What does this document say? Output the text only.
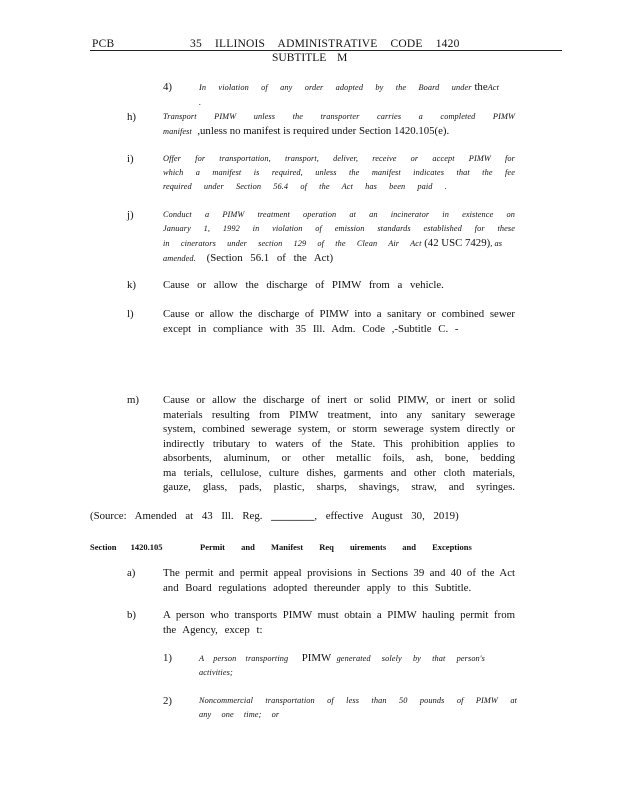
PCB	35 ILLINOIS ADMINISTRATIVE CODE 1420
SUBTITLE M
4)	In violation of any order adopted by the Board under theAct .
h)	Transport PIMW unless the transporter carries a completed PIMW
manifest ,unless no manifest is required under Section 1420.105(e).
i)	Offer for transportation, transport, deliver, receive or accept PIMW for
which a manifest is required, unless the manifest indicates that the fee
required under Section 56.4 of the Act has been paid .
j)	Conduct a PIMW treatment operation at an incinerator in existence on
January 1, 1992 in violation of emission standards established for these
in cinerators under section 129 of the Clean Air Act (42 USC 7429), as
amended. (Section 56.1 of the Act)
k)	Cause or allow the discharge of PIMW from a vehicle.
l)	Cause or allow the discharge of PIMW into a sanitary or combined sewer
except in compliance with 35 Ill. Adm. Code ,-Subtitle C. -
m) Cause or allow the discharge of inert or solid PIMW, or inert or solid
materials resulting from PIMW treatment, into any sanitary sewerage
system, combined sewerage system, or storm sewerage system directly or
indirectly tributary to waters of the State. This prohibition applies to
absorbents, aluminum, or other metallic foils, ash, bone, bedding
ma terials, cellulose, culture dishes, garments and other cloth materials,
gauze, glass, pads, plastic, sharps, shavings, straw, and syringes.
(Source: Amended at 43 Ill. Reg. ________, effective August 30, 2019)
Section 1420.105	Permit and Manifest Req uirements and Exceptions
a)	The permit and permit appeal provisions in Sections 39 and 40 of the Act
and Board regulations adopted thereunder apply to this Subtitle.
b)	A person who transports PIMW must obtain a PIMW hauling permit from
the Agency, excep t:
1)	A person transporting PIMW generated solely by that person's
activities;
2)	Noncommercial transportation of less than 50 pounds of PIMW at
any one time; or
